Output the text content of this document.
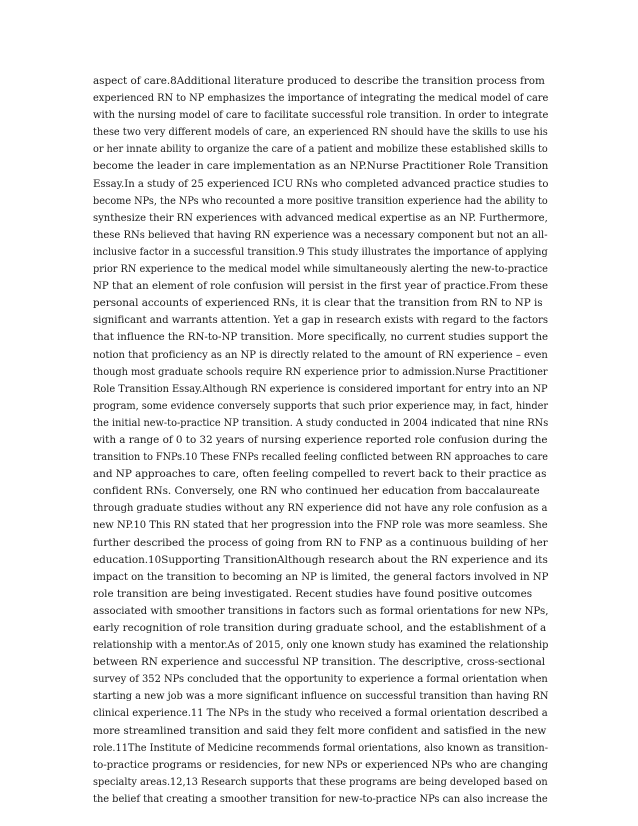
aspect of care.8Additional literature produced to describe the transition process from
experienced RN to NP emphasizes the importance of integrating the medical model of care
with the nursing model of care to facilitate successful role transition. In order to integrate
these two very different models of care, an experienced RN should have the skills to use his
or her innate ability to organize the care of a patient and mobilize these established skills to
become the leader in care implementation as an NP.Nurse Practitioner Role Transition
Essay.In a study of 25 experienced ICU RNs who completed advanced practice studies to
become NPs, the NPs who recounted a more positive transition experience had the ability to
synthesize their RN experiences with advanced medical expertise as an NP. Furthermore,
these RNs believed that having RN experience was a necessary component but not an all-
inclusive factor in a successful transition.9 This study illustrates the importance of applying
prior RN experience to the medical model while simultaneously alerting the new-to-practice
NP that an element of role confusion will persist in the first year of practice.From these
personal accounts of experienced RNs, it is clear that the transition from RN to NP is
significant and warrants attention. Yet a gap in research exists with regard to the factors
that influence the RN-to-NP transition. More specifically, no current studies support the
notion that proficiency as an NP is directly related to the amount of RN experience – even
though most graduate schools require RN experience prior to admission.Nurse Practitioner
Role Transition Essay.Although RN experience is considered important for entry into an NP
program, some evidence conversely supports that such prior experience may, in fact, hinder
the initial new-to-practice NP transition. A study conducted in 2004 indicated that nine RNs
with a range of 0 to 32 years of nursing experience reported role confusion during the
transition to FNPs.10 These FNPs recalled feeling conflicted between RN approaches to care
and NP approaches to care, often feeling compelled to revert back to their practice as
confident RNs. Conversely, one RN who continued her education from baccalaureate
through graduate studies without any RN experience did not have any role confusion as a
new NP.10 This RN stated that her progression into the FNP role was more seamless. She
further described the process of going from RN to FNP as a continuous building of her
education.10Supporting TransitionAlthough research about the RN experience and its
impact on the transition to becoming an NP is limited, the general factors involved in NP
role transition are being investigated. Recent studies have found positive outcomes
associated with smoother transitions in factors such as formal orientations for new NPs,
early recognition of role transition during graduate school, and the establishment of a
relationship with a mentor.As of 2015, only one known study has examined the relationship
between RN experience and successful NP transition. The descriptive, cross-sectional
survey of 352 NPs concluded that the opportunity to experience a formal orientation when
starting a new job was a more significant influence on successful transition than having RN
clinical experience.11 The NPs in the study who received a formal orientation described a
more streamlined transition and said they felt more confident and satisfied in the new
role.11The Institute of Medicine recommends formal orientations, also known as transition-
to-practice programs or residencies, for new NPs or experienced NPs who are changing
specialty areas.12,13 Research supports that these programs are being developed based on
the belief that creating a smoother transition for new-to-practice NPs can also increase the
